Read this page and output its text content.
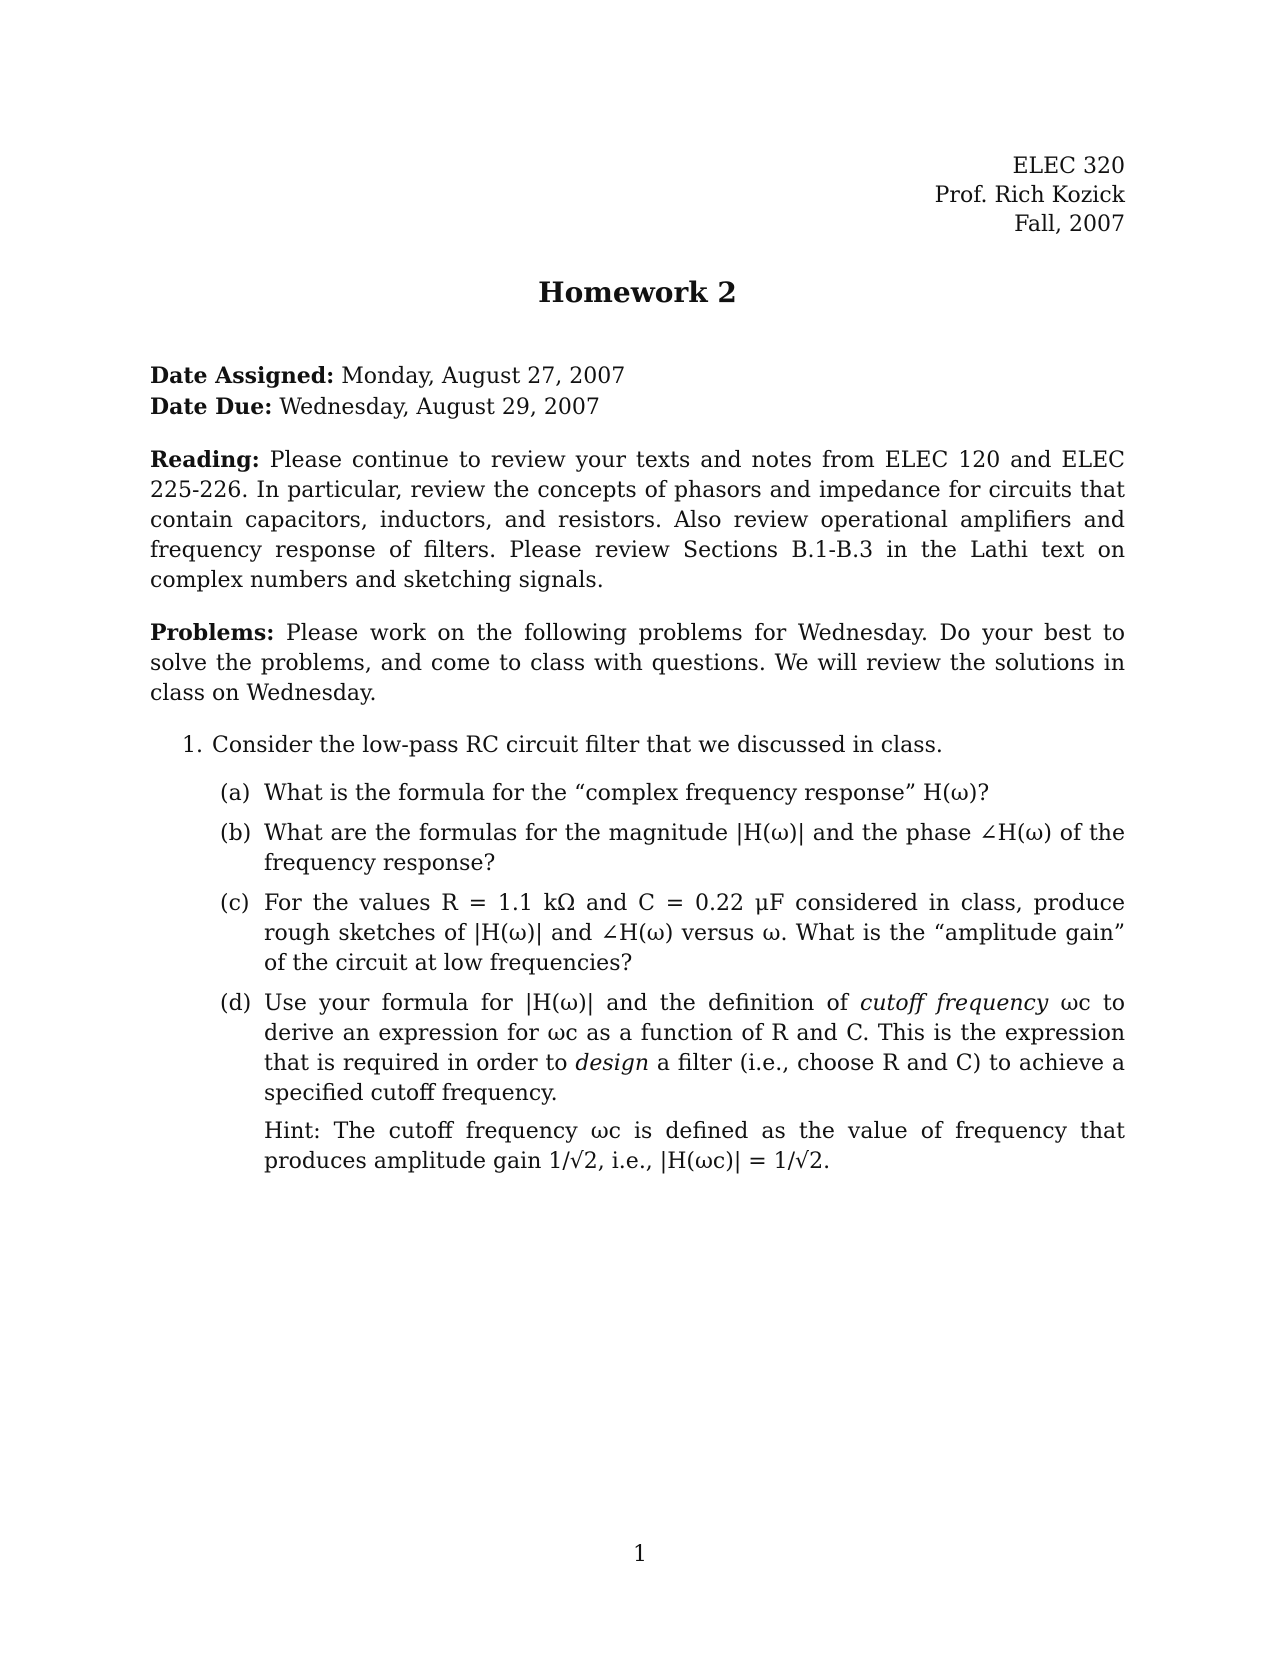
ELEC 320
Prof. Rich Kozick
Fall, 2007
Homework 2
Date Assigned: Monday, August 27, 2007
Date Due: Wednesday, August 29, 2007
Reading: Please continue to review your texts and notes from ELEC 120 and ELEC 225-226. In particular, review the concepts of phasors and impedance for circuits that contain capacitors, inductors, and resistors. Also review operational amplifiers and frequency response of filters. Please review Sections B.1-B.3 in the Lathi text on complex numbers and sketching signals.
Problems: Please work on the following problems for Wednesday. Do your best to solve the problems, and come to class with questions. We will review the solutions in class on Wednesday.
1. Consider the low-pass RC circuit filter that we discussed in class.
(a) What is the formula for the “complex frequency response” H(ω)?
(b) What are the formulas for the magnitude |H(ω)| and the phase ∠H(ω) of the frequency response?
(c) For the values R = 1.1 kΩ and C = 0.22 μF considered in class, produce rough sketches of |H(ω)| and ∠H(ω) versus ω. What is the “amplitude gain” of the circuit at low frequencies?
(d) Use your formula for |H(ω)| and the definition of cutoff frequency ωc to derive an expression for ωc as a function of R and C. This is the expression that is required in order to design a filter (i.e., choose R and C) to achieve a specified cutoff frequency.
Hint: The cutoff frequency ωc is defined as the value of frequency that produces amplitude gain 1/√2, i.e., |H(ωc)| = 1/√2.
1
